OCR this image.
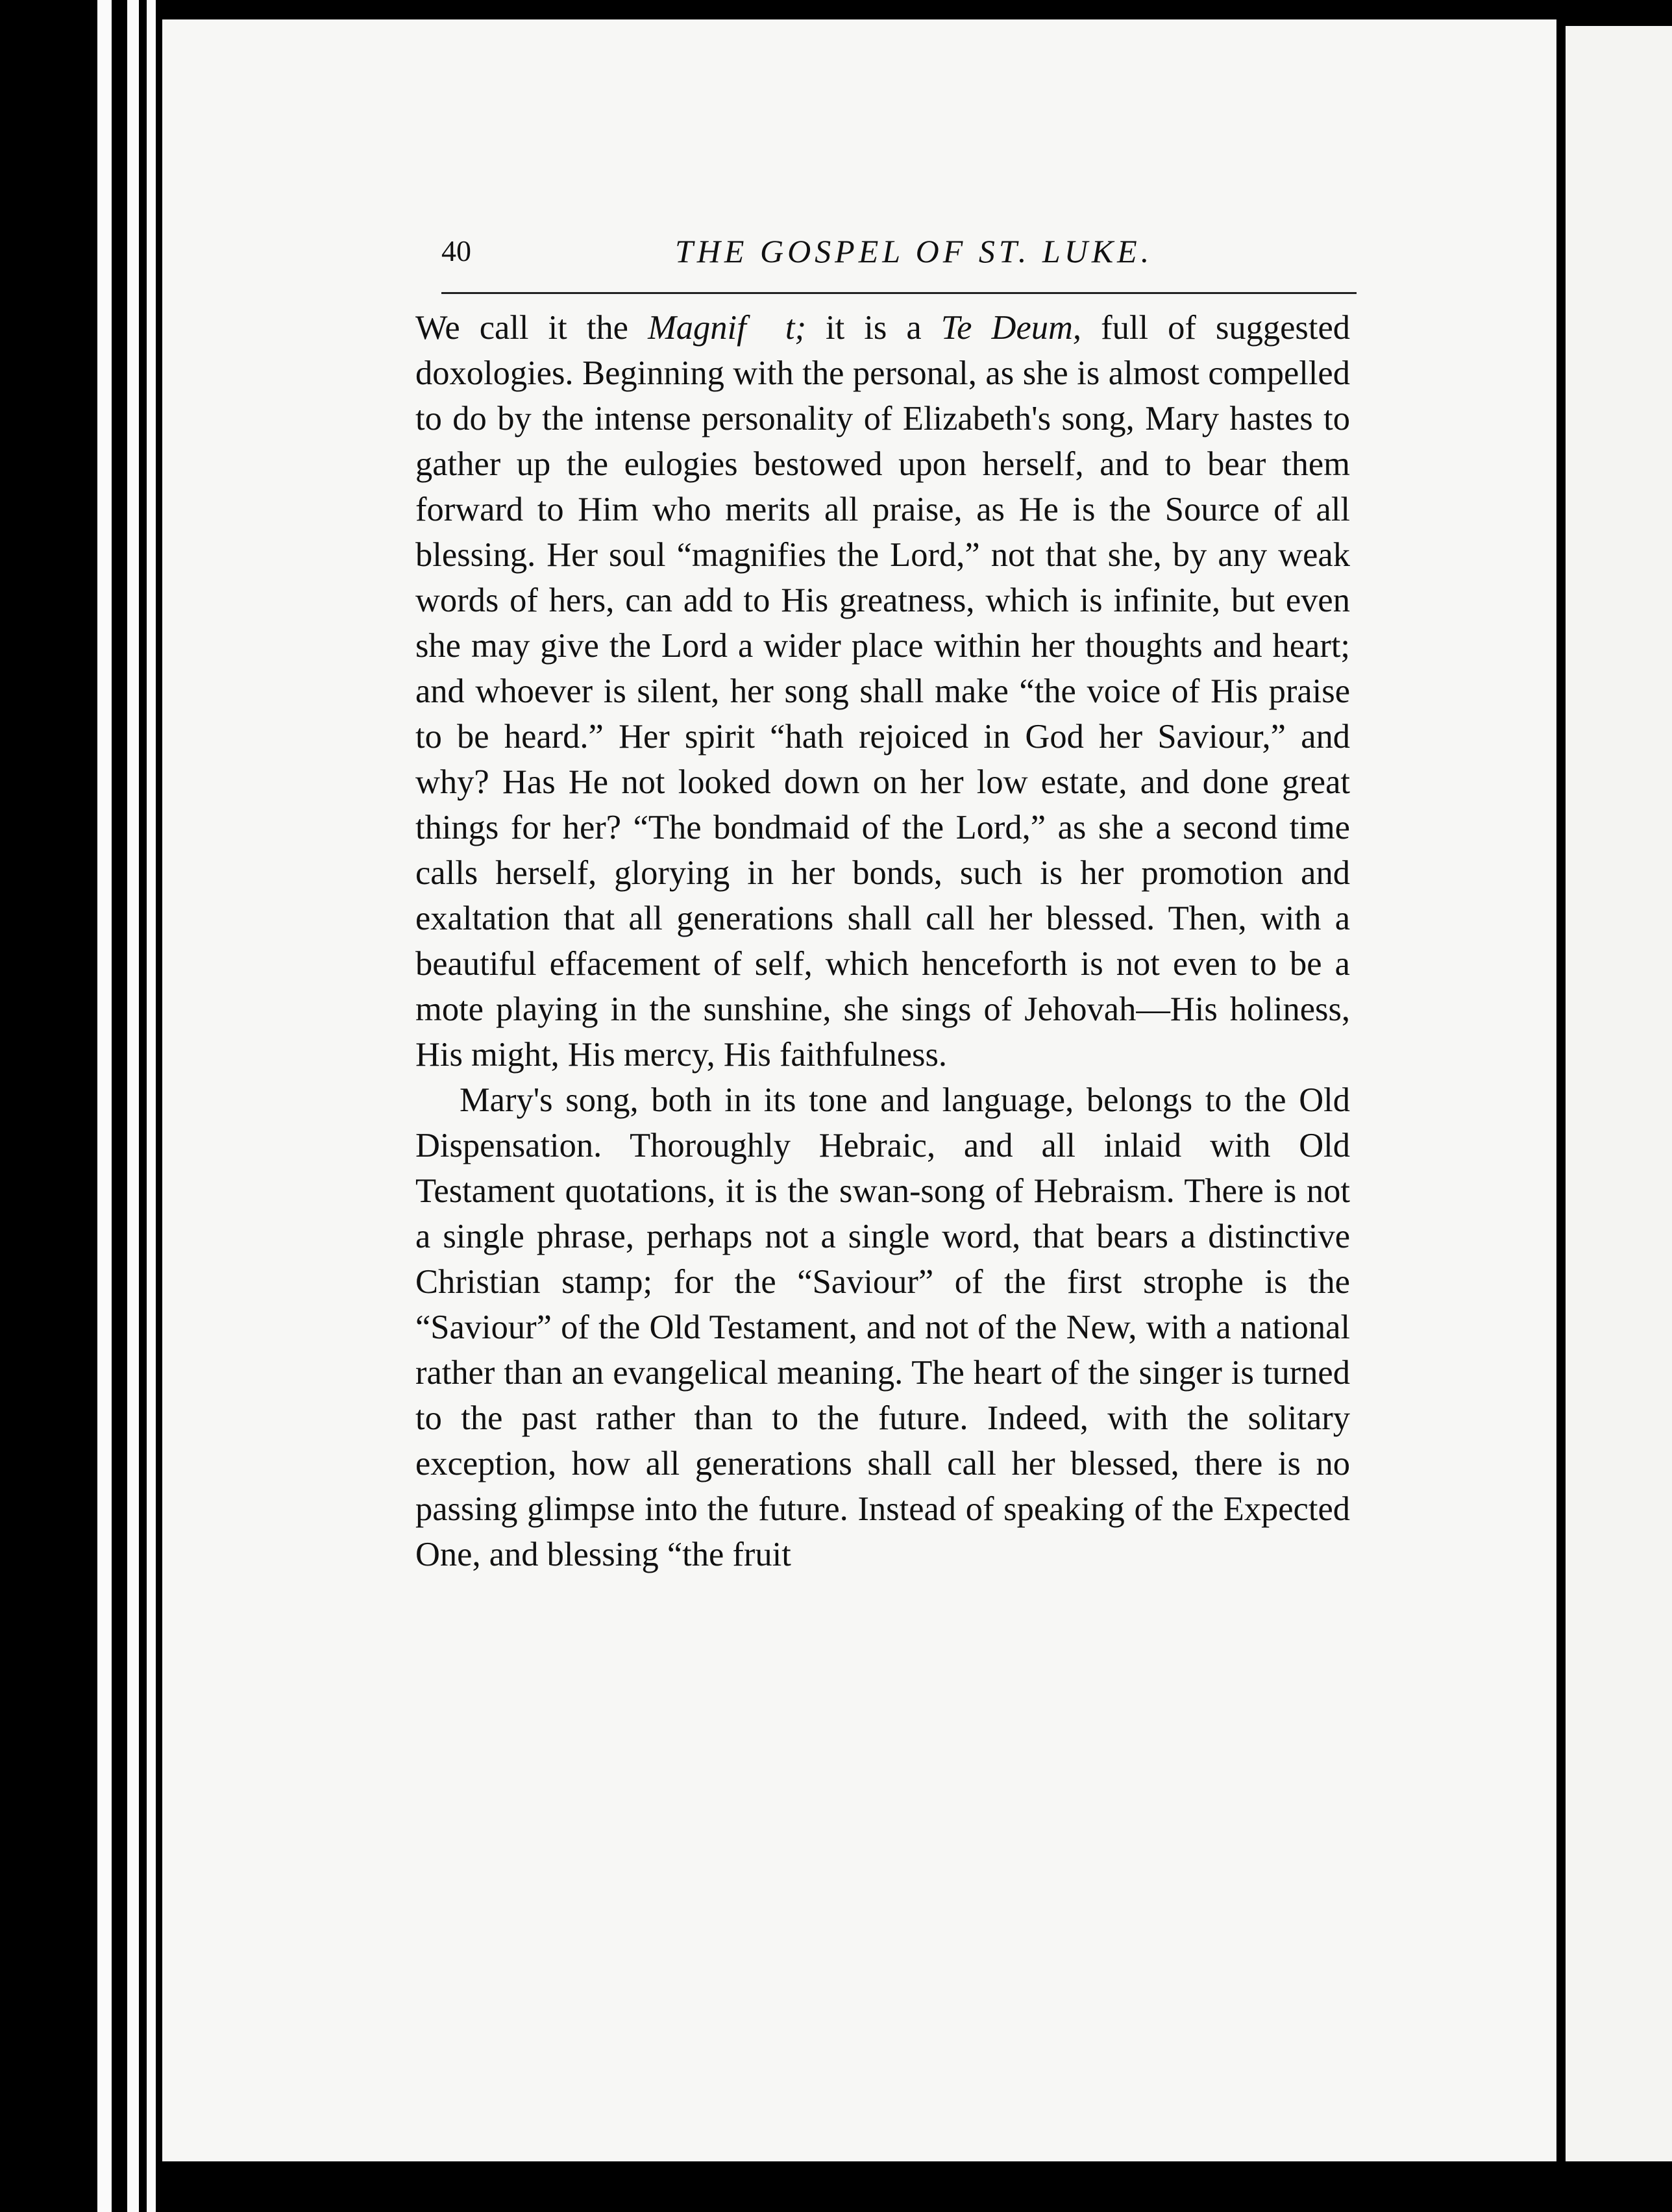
40	THE GOSPEL OF ST. LUKE.

We call it the Magnif  t; it is a Te Deum, full of suggested doxologies. Beginning with the personal, as she is almost compelled to do by the intense personality of Elizabeth's song, Mary hastes to gather up the eulogies bestowed upon herself, and to bear them forward to Him who merits all praise, as He is the Source of all blessing. Her soul “magnifies the Lord,” not that she, by any weak words of hers, can add to His greatness, which is infinite, but even she may give the Lord a wider place within her thoughts and heart; and whoever is silent, her song shall make “the voice of His praise to be heard.” Her spirit “hath rejoiced in God her Saviour,” and why? Has He not looked down on her low estate, and done great things for her? “The bondmaid of the Lord,” as she a second time calls herself, glorying in her bonds, such is her promotion and exaltation that all generations shall call her blessed. Then, with a beautiful effacement of self, which henceforth is not even to be a mote playing in the sunshine, she sings of Jehovah—His holiness, His might, His mercy, His faithfulness.

Mary's song, both in its tone and language, belongs to the Old Dispensation. Thoroughly Hebraic, and all inlaid with Old Testament quotations, it is the swan-song of Hebraism. There is not a single phrase, perhaps not a single word, that bears a distinctive Christian stamp; for the “Saviour” of the first strophe is the “Saviour” of the Old Testament, and not of the New, with a national rather than an evangelical meaning. The heart of the singer is turned to the past rather than to the future. Indeed, with the solitary exception, how all generations shall call her blessed, there is no passing glimpse into the future. Instead of speaking of the Expected One, and blessing “the fruit
